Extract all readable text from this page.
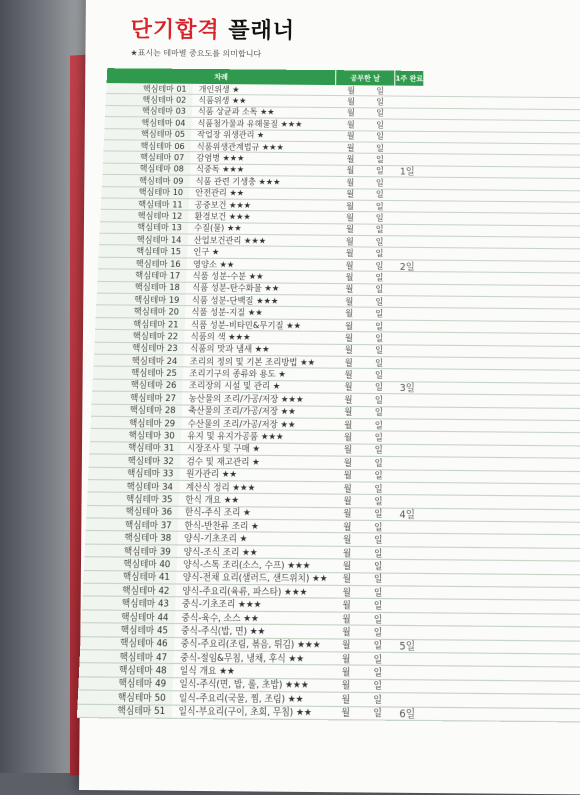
단기합격 플래너
★표시는 테마별 중요도를 의미합니다
차례	공부한 날	1주 완료
핵심테마 01	개인위생 ★	월	일
핵심테마 02	식품위생 ★★	월	일
핵심테마 03	식품 상균과 소독 ★★	월	일
핵심테마 04	식품첨가물과 유해물질 ★★★	월	일
핵심테마 05	작업장 위생관리 ★	월	일
핵심테마 06	식품위생관계법규 ★★★	월	일
핵심테마 07	감염병 ★★★	월	일
핵심테마 08	식중독 ★★★	월	일	1일
핵심테마 09	식품 관련 기생충 ★★★	월	일
핵심테마 10	안전관리 ★★	월	일
핵심테마 11	공중보건 ★★★	월	일
핵심테마 12	환경보건 ★★★	월	일
핵심테마 13	수질(물) ★★	월	일
핵심테마 14	산업보건관리 ★★★	월	일
핵심테마 15	인구 ★	월	일
핵심테마 16	영양소 ★★	월	일	2일
핵심테마 17	식품 성분-수분 ★★	월	일
핵심테마 18	식품 성분-탄수화물 ★★	월	일
핵심테마 19	식품 성분-단백질 ★★★	월	일
핵심테마 20	식품 성분-지질 ★★	월	일
핵심테마 21	식품 성분-비타민&무기질 ★★	월	일
핵심테마 22	식품의 색 ★★★	월	일
핵심테마 23	식품의 맛과 냄새 ★★	월	일
핵심테마 24	조리의 정의 및 기본 조리방법 ★★	월	일
핵심테마 25	조리기구의 종류와 용도 ★	월	일
핵심테마 26	조리장의 시설 및 관리 ★	월	일	3일
핵심테마 27	농산물의 조리/가공/저장 ★★★	월	일
핵심테마 28	축산물의 조리/가공/저장 ★★	월	일
핵심테마 29	수산물의 조리/가공/저장 ★★	월	일
핵심테마 30	유지 및 유지가공품 ★★★	월	일
핵심테마 31	시장조사 및 구매 ★	월	일
핵심테마 32	검수 및 재고관리 ★	월	일
핵심테마 33	원가관리 ★★	월	일
핵심테마 34	계산식 정리 ★★★	월	일
핵심테마 35	한식 개요 ★★	월	일
핵심테마 36	한식-주식 조리 ★	월	일	4일
핵심테마 37	한식-반찬류 조리 ★	월	일
핵심테마 38	양식-기초조리 ★	월	일
핵심테마 39	양식-조식 조리 ★★	월	일
핵심테마 40	양식-스톡 조리(소스, 수프) ★★★	월	일
핵심테마 41	양식-전채 요리(샐러드, 샌드위치) ★★	월	일
핵심테마 42	양식-주요리(육류, 파스타) ★★★	월	일
핵심테마 43	중식-기초조리 ★★★	월	일
핵심테마 44	중식-육수, 소스 ★★	월	일
핵심테마 45	중식-주식(밥, 면) ★★	월	일
핵심테마 46	중식-주요리(조림, 볶음, 튀김) ★★★	월	일	5일
핵심테마 47	중식-절임&무침, 냉채, 후식 ★★	월	일
핵심테마 48	일식 개요 ★★	월	일
핵심테마 49	일식-주식(면, 밥, 롤, 초밥) ★★★	월	일
핵심테마 50	일식-주요리(국물, 찜, 조림) ★★	월	일
핵심테마 51	일식-부요리(구이, 초회, 무침) ★★	월	일	6일
